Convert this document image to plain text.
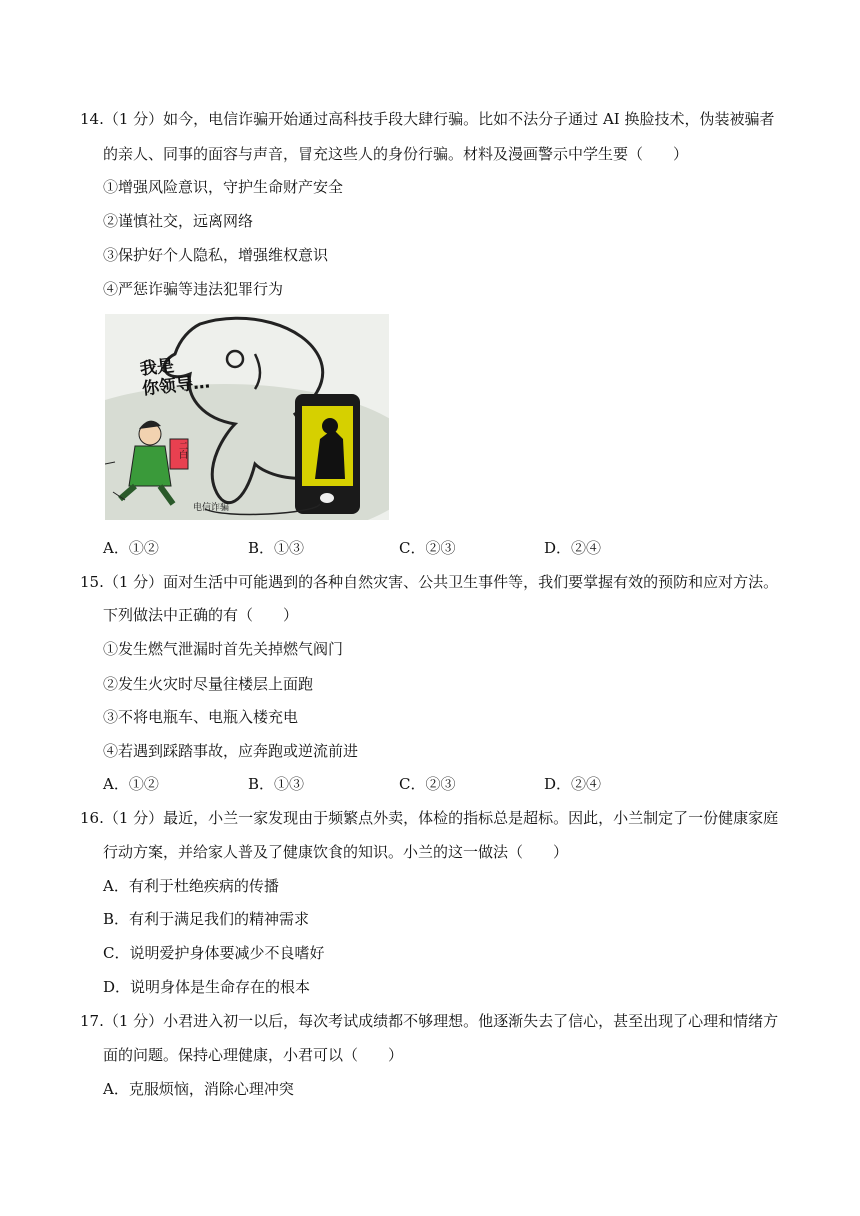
14.（1 分）如今，电信诈骗开始通过高科技手段大肆行骗。比如不法分子通过 AI 换脸技术，伪装被骗者
的亲人、同事的面容与声音，冒充这些人的身份行骗。材料及漫画警示中学生要（　　）
①增强风险意识，守护生命财产安全
②谨慎社交，远离网络
③保护好个人隐私，增强维权意识
④严惩诈骗等违法犯罪行为
我是
你领导…
二白
电信诈骗
A．①②	B．①③	C．②③	D．②④
15.（1 分）面对生活中可能遇到的各种自然灾害、公共卫生事件等，我们要掌握有效的预防和应对方法。
下列做法中正确的有（　　）
①发生燃气泄漏时首先关掉燃气阀门
②发生火灾时尽量往楼层上面跑
③不将电瓶车、电瓶入楼充电
④若遇到踩踏事故，应奔跑或逆流前进
A．①②	B．①③	C．②③	D．②④
16.（1 分）最近，小兰一家发现由于频繁点外卖，体检的指标总是超标。因此，小兰制定了一份健康家庭
行动方案，并给家人普及了健康饮食的知识。小兰的这一做法（　　）
A．有利于杜绝疾病的传播
B．有利于满足我们的精神需求
C．说明爱护身体要减少不良嗜好
D．说明身体是生命存在的根本
17.（1 分）小君进入初一以后，每次考试成绩都不够理想。他逐渐失去了信心，甚至出现了心理和情绪方
面的问题。保持心理健康，小君可以（　　）
A．克服烦恼，消除心理冲突
